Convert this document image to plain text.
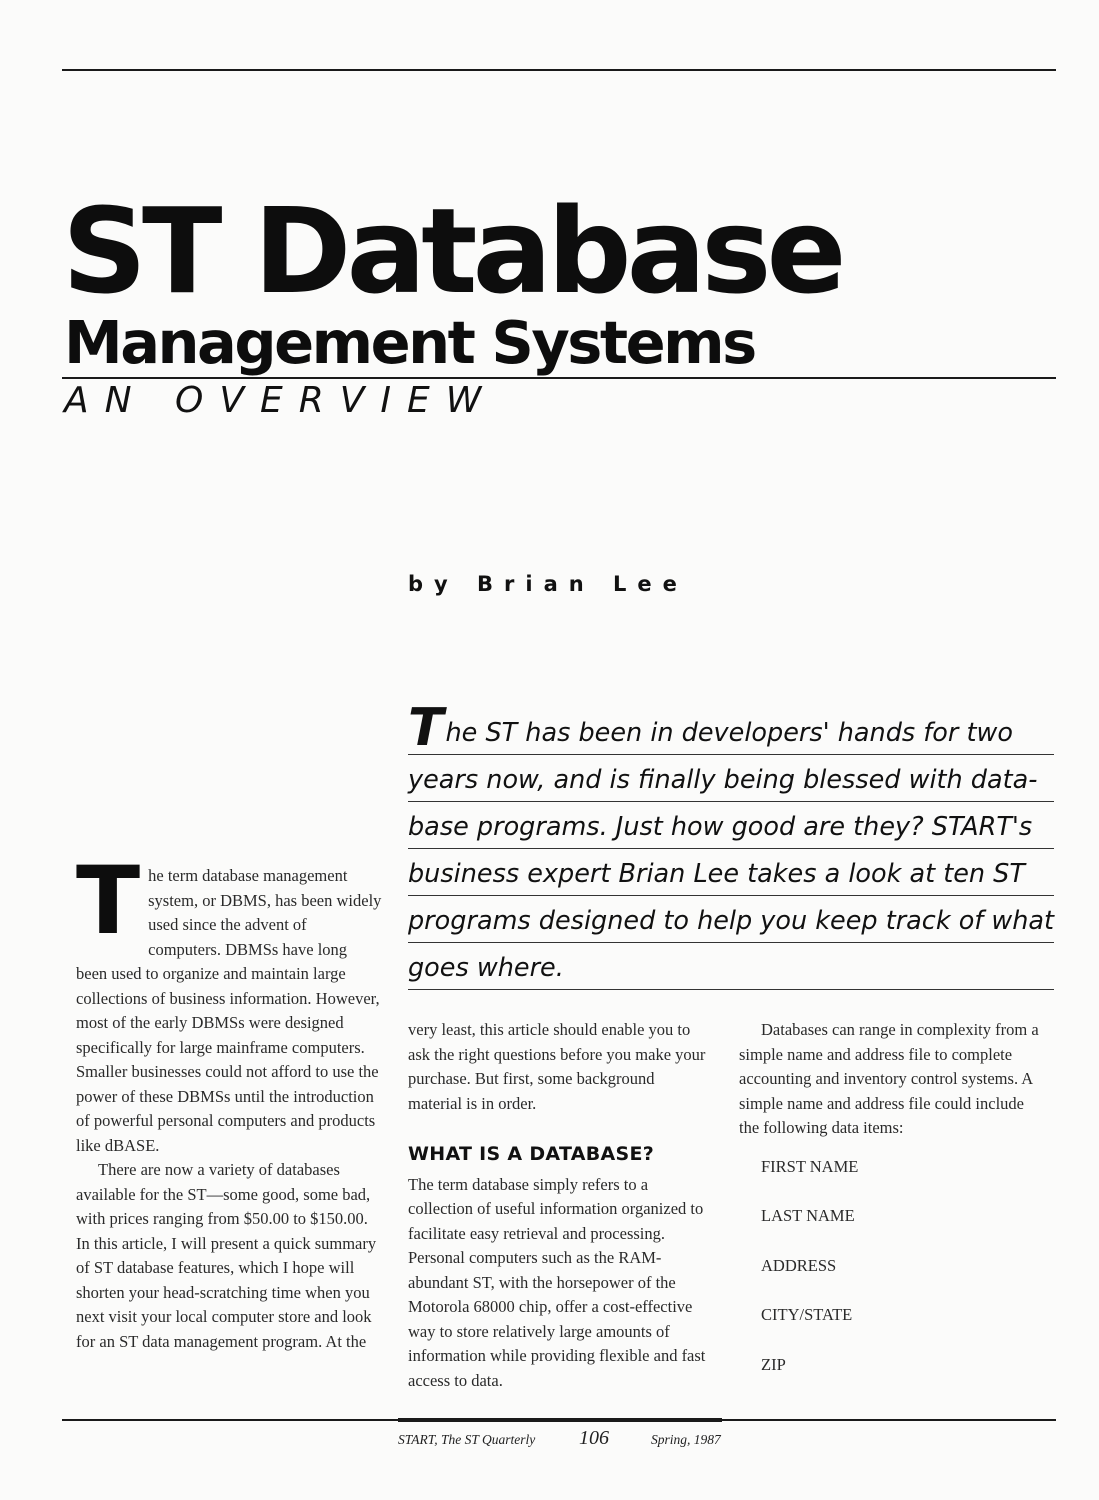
ST Database
Management Systems
AN OVERVIEW
by Brian Lee
The ST has been in developers' hands for two
years now, and is finally being blessed with data-
base programs. Just how good are they? START's
business expert Brian Lee takes a look at ten ST
programs designed to help you keep track of what
goes where.

The term database management system, or DBMS, has been widely used since the advent of computers. DBMSs have long been used to organize and maintain large collections of business information. However, most of the early DBMSs were designed specifically for large mainframe computers. Smaller businesses could not afford to use the power of these DBMSs until the introduction of powerful personal computers and products like dBASE.

There are now a variety of databases available for the ST—some good, some bad, with prices ranging from $50.00 to $150.00. In this article, I will present a quick summary of ST database features, which I hope will shorten your head-scratching time when you next visit your local computer store and look for an ST data management program. At the

very least, this article should enable you to ask the right questions before you make your purchase. But first, some background material is in order.

WHAT IS A DATABASE?

The term database simply refers to a collection of useful information organized to facilitate easy retrieval and processing. Personal computers such as the RAM-abundant ST, with the horsepower of the Motorola 68000 chip, offer a cost-effective way to store relatively large amounts of information while providing flexible and fast access to data.

Databases can range in complexity from a simple name and address file to complete accounting and inventory control systems. A simple name and address file could include the following data items:

FIRST NAME
LAST NAME
ADDRESS
CITY/STATE
ZIP
START, The ST Quarterly 106	Spring, 1987
